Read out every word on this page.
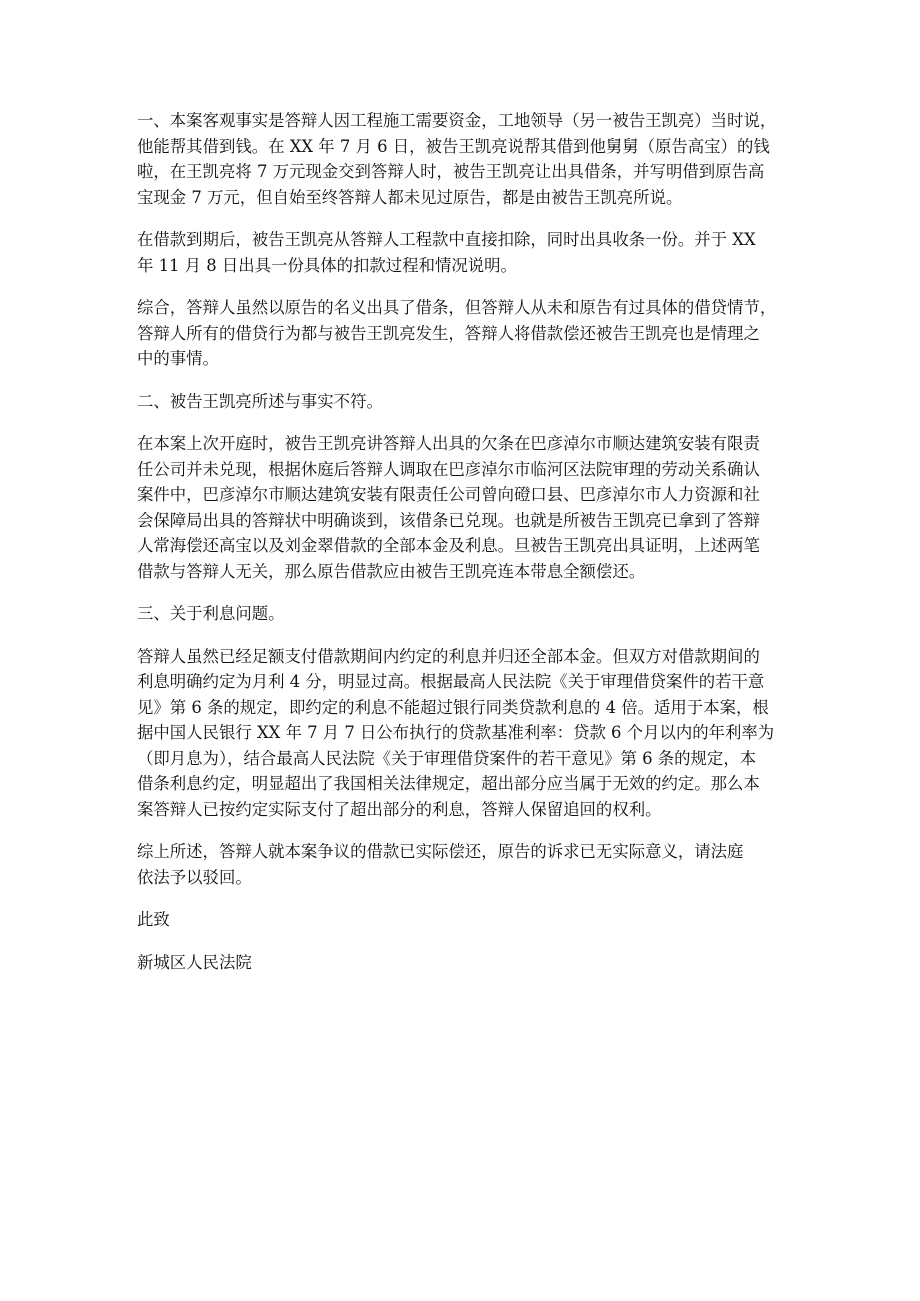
一、本案客观事实是答辩人因工程施工需要资金，工地领导（另一被告王凯亮）当时说，
他能帮其借到钱。在 XX 年 7 月 6 日，被告王凯亮说帮其借到他舅舅（原告高宝）的钱
啦，在王凯亮将 7 万元现金交到答辩人时，被告王凯亮让出具借条，并写明借到原告高
宝现金 7 万元，但自始至终答辩人都未见过原告，都是由被告王凯亮所说。

在借款到期后，被告王凯亮从答辩人工程款中直接扣除，同时出具收条一份。并于 XX
年 11 月 8 日出具一份具体的扣款过程和情况说明。

综合，答辩人虽然以原告的名义出具了借条，但答辩人从未和原告有过具体的借贷情节，
答辩人所有的借贷行为都与被告王凯亮发生，答辩人将借款偿还被告王凯亮也是情理之
中的事情。

二、被告王凯亮所述与事实不符。

在本案上次开庭时，被告王凯亮讲答辩人出具的欠条在巴彦淖尔市顺达建筑安装有限责
任公司并未兑现，根据休庭后答辩人调取在巴彦淖尔市临河区法院审理的劳动关系确认
案件中，巴彦淖尔市顺达建筑安装有限责任公司曾向磴口县、巴彦淖尔市人力资源和社
会保障局出具的答辩状中明确谈到，该借条已兑现。也就是所被告王凯亮已拿到了答辩
人常海偿还高宝以及刘金翠借款的全部本金及利息。旦被告王凯亮出具证明，上述两笔
借款与答辩人无关，那么原告借款应由被告王凯亮连本带息全额偿还。

三、关于利息问题。

答辩人虽然已经足额支付借款期间内约定的利息并归还全部本金。但双方对借款期间的
利息明确约定为月利 4 分，明显过高。根据最高人民法院《关于审理借贷案件的若干意
见》第 6 条的规定，即约定的利息不能超过银行同类贷款利息的 4 倍。适用于本案，根
据中国人民银行 XX 年 7 月 7 日公布执行的贷款基准利率：贷款 6 个月以内的年利率为
（即月息为），结合最高人民法院《关于审理借贷案件的若干意见》第 6 条的规定，本
借条利息约定，明显超出了我国相关法律规定，超出部分应当属于无效的约定。那么本
案答辩人已按约定实际支付了超出部分的利息，答辩人保留追回的权利。

综上所述，答辩人就本案争议的借款已实际偿还，原告的诉求已无实际意义，请法庭
依法予以驳回。

此致

新城区人民法院
